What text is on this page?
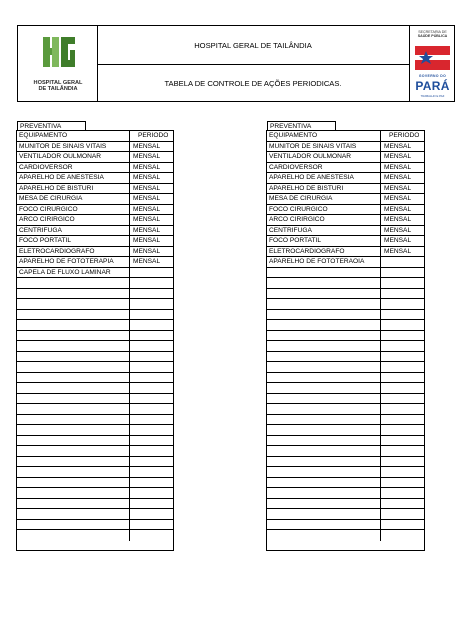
HOSPITAL GERAL
DE TAILÂNDIA
HOSPITAL GERAL DE TAILÂNDIA
TABELA DE CONTROLE DE AÇÕES PERIODICAS.
SECRETARIA DE
SAÚDE PÚBLICA
GOVERNO DO
PARÁ
TRABALHO E PAZ
PREVENTIVA
EQUIPAMENTO	PERIODO
MUNITOR DE SINAIS VITAIS	MENSAL
VENTILADOR OULMONAR	MENSAL
CARDIOVERSOR	MENSAL
APARELHO DE ANESTESIA	MENSAL
APARELHO DE BISTURI	MENSAL
MESA DE CIRURGIA	MENSAL
FOCO CIRURGICO	MENSAL
ARCO CIRIRGICO	MENSAL
CENTRIFUGA	MENSAL
FOCO PORTATIL	MENSAL
ELETROCARDIOGRAFO	MENSAL
APARELHO DE FOTOTERAPIA	MENSAL
CAPELA DE FLUXO LAMINAR
PREVENTIVA
EQUIPAMENTO	PERIODO
MUNITOR DE SINAIS VITAIS	MENSAL
VENTILADOR OULMONAR	MENSAL
CARDIOVERSOR	MENSAL
APARELHO DE ANESTESIA	MENSAL
APARELHO DE BISTURI	MENSAL
MESA DE CIRURGIA	MENSAL
FOCO CIRURGICO	MENSAL
ARCO CIRIRGICO	MENSAL
CENTRIFUGA	MENSAL
FOCO PORTATIL	MENSAL
ELETROCARDIOGRAFO	MENSAL
APARELHO DE FOTOTERAOIA
